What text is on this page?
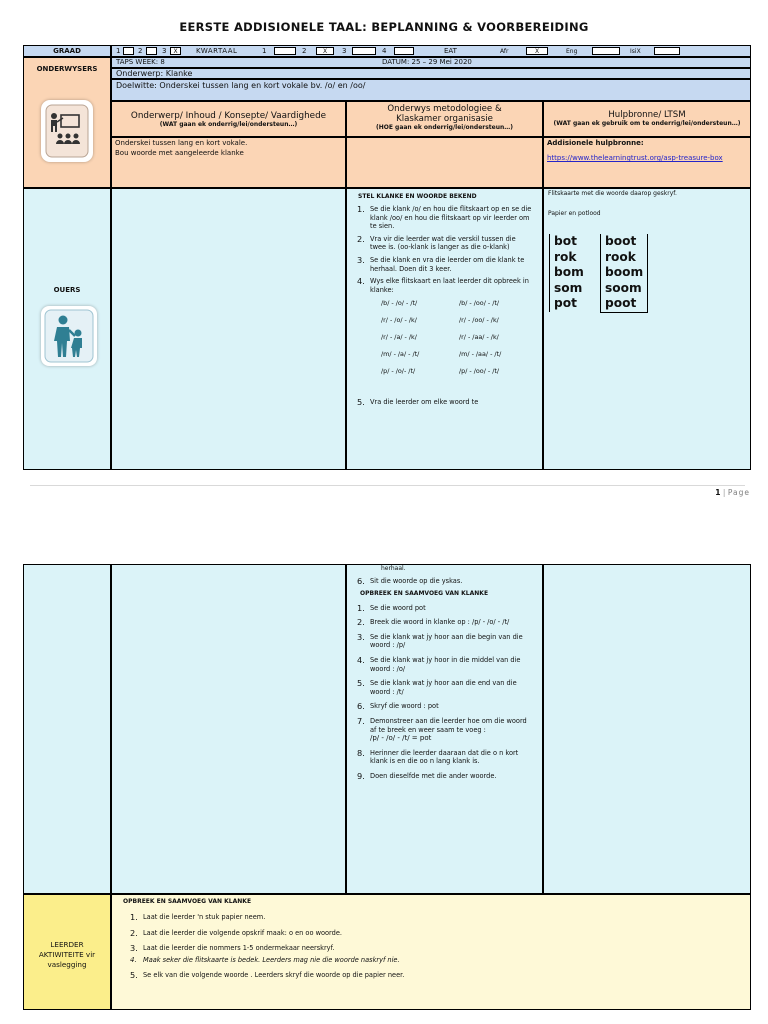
EERSTE ADDISIONELE TAAL: BEPLANNING & VOORBEREIDING
GRAAD	1	2	3	X	KWARTAAL	1	2	X	3	4	EAT	Afr	X	Eng	IsiX
ONDERWYSERS
TAPS WEEK: 8	DATUM: 25 – 29 Mei 2020
Onderwerp: Klanke
Doelwitte: Onderskei tussen lang en kort vokale bv. /o/ en /oo/
Onderwerp/ Inhoud / Konsepte/ Vaardighede
(WAT gaan ek onderrig/lei/ondersteun…)
Onderwys metodologiee & Klaskamer organisasie
(HOE gaan ek onderrig/lei/ondersteun…)
Hulpbronne/ LTSM
(WAT gaan ek gebruik om te onderrig/lei/ondersteun…)
Onderskei tussen lang en kort vokale.
Bou woorde met aangeleerde klanke
Addisionele hulpbronne:
https://www.thelearningtrust.org/asp-treasure-box
OUERS
STEL KLANKE EN WOORDE BEKEND
1. Se die klank /o/ en hou die flitskaart op en se die klank /oo/ en hou die flitskaart op vir leerder om te sien.
2. Vra vir die leerder wat die verskil tussen die twee is. (oo-klank is langer as die o-klank)
3. Se die klank en vra die leerder om die klank te herhaal. Doen dit 3 keer.
4. Wys elke flitskaart en laat leerder dit opbreek in klanke:
/b/ - /o/ - /t/	/b/ - /oo/ - /t/
/r/ - /o/ - /k/	/r/ - /oo/ - /k/
/r/ - /a/ - /k/	/r/ - /aa/ - /k/
/m/ - /a/ - /t/	/m/ - /aa/ - /t/
/p/ - /o/- /t/	/p/ - /oo/ - /t/
5. Vra die leerder om elke woord te
Flitskaarte met die woorde daarop geskryf.
Papier en potlood
bot	boot
rok	rook
bom	boom
som	soom
pot	poot
1 | Page
herhaal.
6. Sit die woorde op die yskas.
OPBREEK EN SAAMVOEG VAN KLANKE
1. Se die woord pot
2. Breek die woord in klanke op : /p/ - /o/ - /t/
3. Se die klank wat jy hoor aan die begin van die woord : /p/
4. Se die klank wat jy hoor in die middel van die woord : /o/
5. Se die klank wat jy hoor aan die end van die woord : /t/
6. Skryf die woord : pot
7. Demonstreer aan die leerder hoe om die woord af te breek en weer saam te voeg :
/p/ - /o/ - /t/ = pot
8. Herinner die leerder daaraan dat die o n kort klank is en die oo n lang klank is.
9. Doen dieselfde met die ander woorde.
LEERDER AKTIWITEITE vir vaslegging
OPBREEK EN SAAMVOEG VAN KLANKE
1. Laat die leerder 'n stuk papier neem.
2. Laat die leerder die volgende opskrif maak: o en oo woorde.
3. Laat die leerder die nommers 1-5 ondermekaar neerskryf.
4. Maak seker die flitskaarte is bedek. Leerders mag nie die woorde naskryf nie.
5. Se elk van die volgende woorde . Leerders skryf die woorde op die papier neer.
